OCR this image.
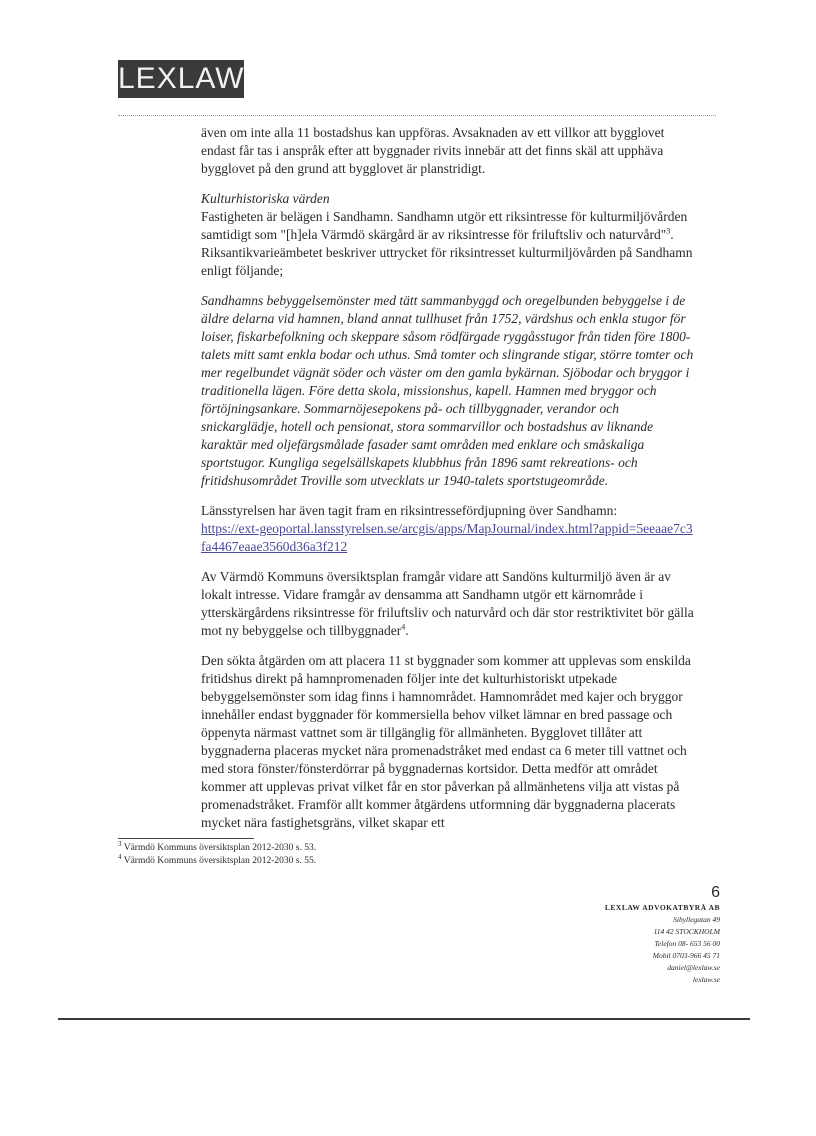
LEXLAW

även om inte alla 11 bostadshus kan uppföras. Avsaknaden av ett villkor att bygglovet endast får tas i anspråk efter att byggnader rivits innebär att det finns skäl att upphäva bygglovet på den grund att bygglovet är planstridigt.

Kulturhistoriska värden

Fastigheten är belägen i Sandhamn. Sandhamn utgör ett riksintresse för kulturmiljövården samtidigt som "[h]ela Värmdö skärgård är av riksintresse för friluftsliv och naturvård"$^3$. Riksantikvarieämbetet beskriver uttrycket för riksintresset kulturmiljövården på Sandhamn enligt följande;

Sandhamns bebyggelsemönster med tätt sammanbyggd och oregelbunden bebyggelse i de äldre delarna vid hamnen, bland annat tullhuset från 1752, värdshus och enkla stugor för loiser, fiskarbefolkning och skeppare såsom rödfärgade ryggåsstugor från tiden före 1800-talets mitt samt enkla bodar och uthus. Små tomter och slingrande stigar, större tomter och mer regelbundet vägnät söder och väster om den gamla bykärnan. Sjöbodar och bryggor i traditionella lägen. Före detta skola, missionshus, kapell. Hamnen med bryggor och förtöjningsankare. Sommarnöjesepokens på- och tillbyggnader, verandor och snickarglädje, hotell och pensionat, stora sommarvillor och bostadshus av liknande karaktär med oljefärgsmålade fasader samt områden med enklare och småskaliga sportstugor. Kungliga segelsällskapets klubbhus från 1896 samt rekreations- och fritidshusområdet Troville som utvecklats ur 1940-talets sportstugeområde.

Länsstyrelsen har även tagit fram en riksintressefördjupning över Sandhamn:
https://ext-geoportal.lansstyrelsen.se/arcgis/apps/MapJournal/index.html?appid=5eeaae7c3fa4467eaae3560d36a3f212

Av Värmdö Kommuns översiktsplan framgår vidare att Sandöns kulturmiljö även är av lokalt intresse. Vidare framgår av densamma att Sandhamn utgör ett kärnområde i ytterskärgårdens riksintresse för friluftsliv och naturvård och där stor restriktivitet bör gälla mot ny bebyggelse och tillbyggnader$^4$.

Den sökta åtgärden om att placera 11 st byggnader som kommer att upplevas som enskilda fritidshus direkt på hamnpromenaden följer inte det kulturhistoriskt utpekade bebyggelsemönster som idag finns i hamnområdet. Hamnområdet med kajer och bryggor innehåller endast byggnader för kommersiella behov vilket lämnar en bred passage och öppenyta närmast vattnet som är tillgänglig för allmänheten. Bygglovet tillåter att byggnaderna placeras mycket nära promenadstråket med endast ca 6 meter till vattnet och med stora fönster/fönsterdörrar på byggnadernas kortsidor. Detta medför att området kommer att upplevas privat vilket får en stor påverkan på allmänhetens vilja att vistas på promenadstråket. Framför allt kommer åtgärdens utformning där byggnaderna placerats mycket nära fastighetsgräns, vilket skapar ett

$^3$ Värmdö Kommuns översiktsplan 2012-2030 s. 53.
$^4$ Värmdö Kommuns översiktsplan 2012-2030 s. 55.
6
LEXLAW ADVOKATBYRÅ AB
Sibyllegatan 49
114 42 STOCKHOLM
Telefon 08- 653 56 00
Mobil 0703-966 45 71
daniel@lexlaw.se
lexlaw.se
